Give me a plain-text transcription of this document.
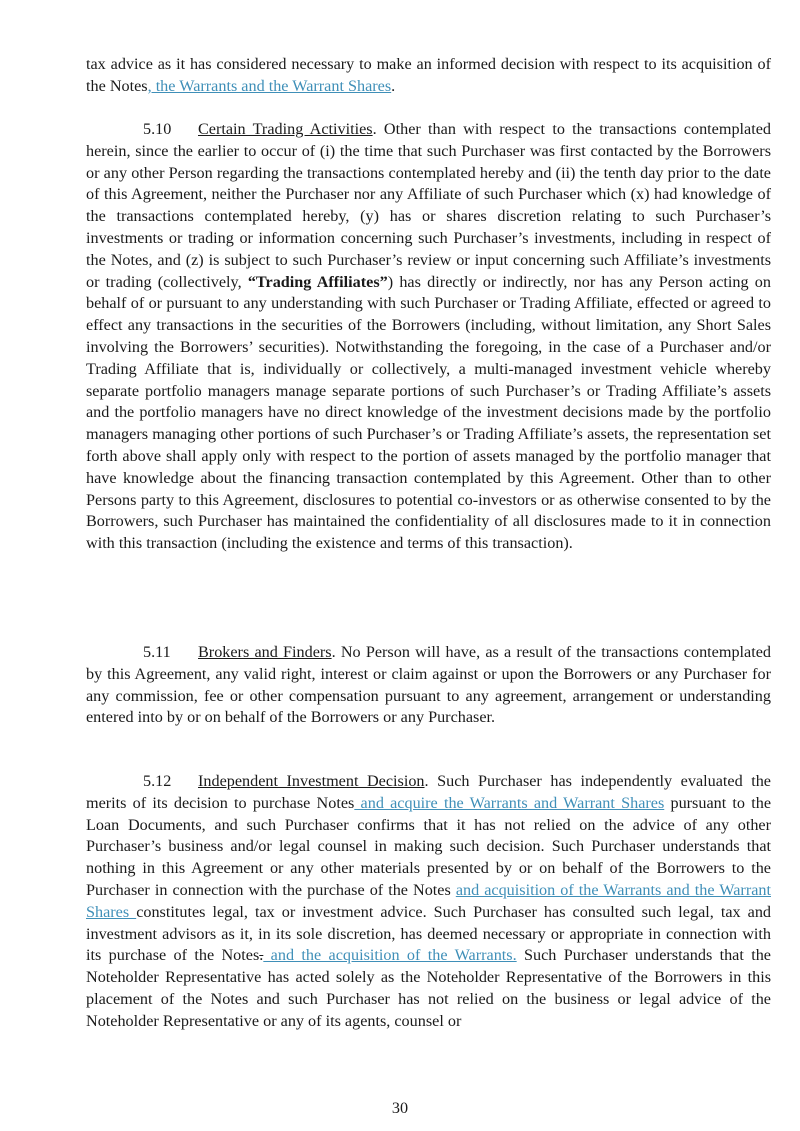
tax advice as it has considered necessary to make an informed decision with respect to its acquisition of the Notes, the Warrants and the Warrant Shares.

5.10 Certain Trading Activities. Other than with respect to the transactions contemplated herein, since the earlier to occur of (i) the time that such Purchaser was first contacted by the Borrowers or any other Person regarding the transactions contemplated hereby and (ii) the tenth day prior to the date of this Agreement, neither the Purchaser nor any Affiliate of such Purchaser which (x) had knowledge of the transactions contemplated hereby, (y) has or shares discretion relating to such Purchaser’s investments or trading or information concerning such Purchaser’s investments, including in respect of the Notes, and (z) is subject to such Purchaser’s review or input concerning such Affiliate’s investments or trading (collectively, “Trading Affiliates”) has directly or indirectly, nor has any Person acting on behalf of or pursuant to any understanding with such Purchaser or Trading Affiliate, effected or agreed to effect any transactions in the securities of the Borrowers (including, without limitation, any Short Sales involving the Borrowers’ securities). Notwithstanding the foregoing, in the case of a Purchaser and/or Trading Affiliate that is, individually or collectively, a multi-managed investment vehicle whereby separate portfolio managers manage separate portions of such Purchaser’s or Trading Affiliate’s assets and the portfolio managers have no direct knowledge of the investment decisions made by the portfolio managers managing other portions of such Purchaser’s or Trading Affiliate’s assets, the representation set forth above shall apply only with respect to the portion of assets managed by the portfolio manager that have knowledge about the financing transaction contemplated by this Agreement. Other than to other Persons party to this Agreement, disclosures to potential co-investors or as otherwise consented to by the Borrowers, such Purchaser has maintained the confidentiality of all disclosures made to it in connection with this transaction (including the existence and terms of this transaction).

5.11 Brokers and Finders. No Person will have, as a result of the transactions contemplated by this Agreement, any valid right, interest or claim against or upon the Borrowers or any Purchaser for any commission, fee or other compensation pursuant to any agreement, arrangement or understanding entered into by or on behalf of the Borrowers or any Purchaser.

5.12 Independent Investment Decision. Such Purchaser has independently evaluated the merits of its decision to purchase Notes and acquire the Warrants and Warrant Shares pursuant to the Loan Documents, and such Purchaser confirms that it has not relied on the advice of any other Purchaser’s business and/or legal counsel in making such decision. Such Purchaser understands that nothing in this Agreement or any other materials presented by or on behalf of the Borrowers to the Purchaser in connection with the purchase of the Notes and acquisition of the Warrants and the Warrant Shares constitutes legal, tax or investment advice. Such Purchaser has consulted such legal, tax and investment advisors as it, in its sole discretion, has deemed necessary or appropriate in connection with its purchase of the Notes. and the acquisition of the Warrants. Such Purchaser understands that the Noteholder Representative has acted solely as the Noteholder Representative of the Borrowers in this placement of the Notes and such Purchaser has not relied on the business or legal advice of the Noteholder Representative or any of its agents, counsel or

30
